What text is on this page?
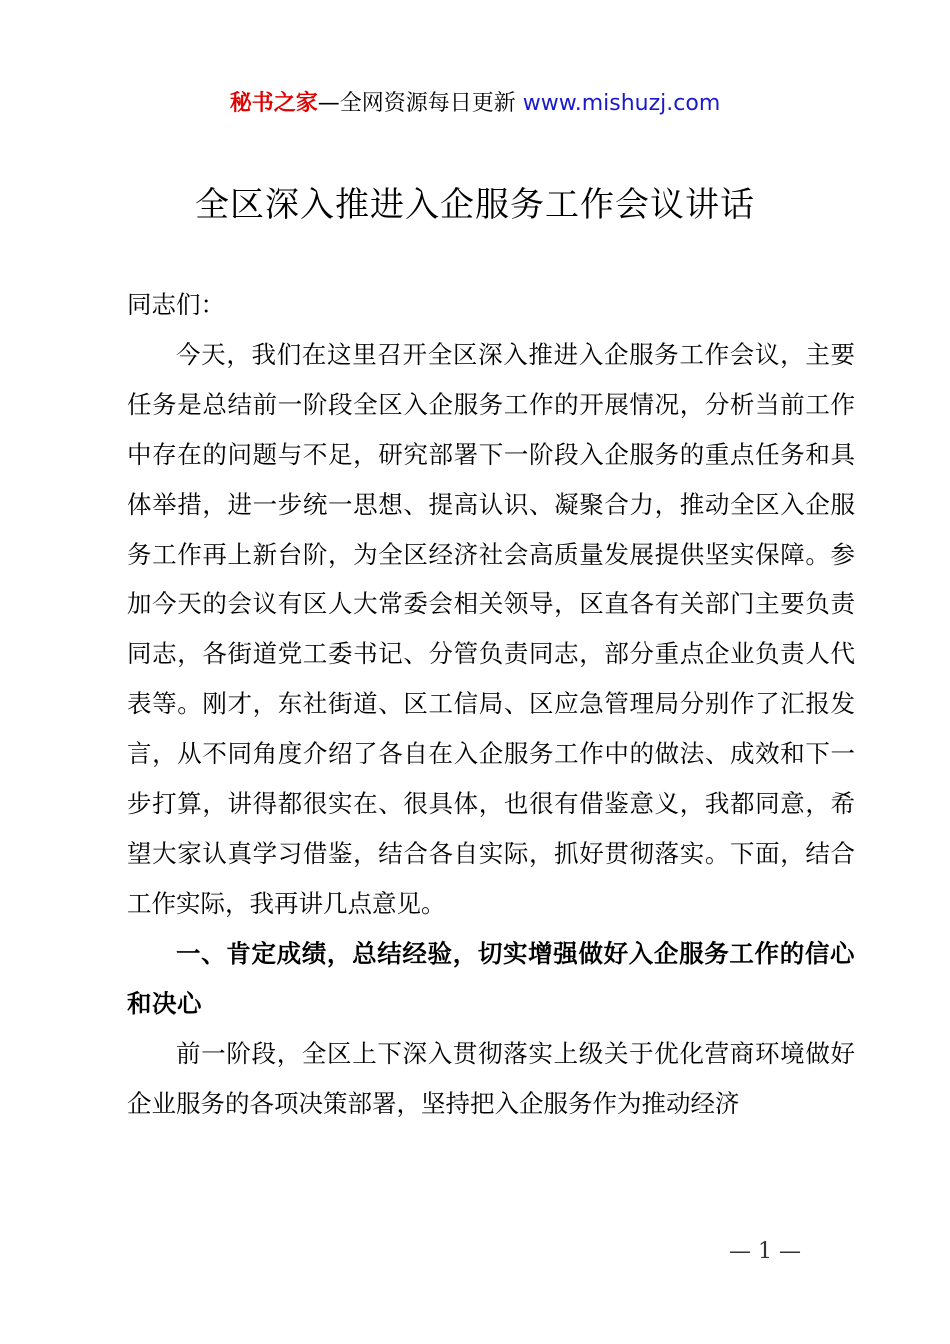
秘书之家—全网资源每日更新 www.mishuzj.com
全区深入推进入企服务工作会议讲话

同志们：

今天，我们在这里召开全区深入推进入企服务工作会议，主要任务是总结前一阶段全区入企服务工作的开展情况，分析当前工作中存在的问题与不足，研究部署下一阶段入企服务的重点任务和具体举措，进一步统一思想、提高认识、凝聚合力，推动全区入企服务工作再上新台阶，为全区经济社会高质量发展提供坚实保障。参加今天的会议有区人大常委会相关领导，区直各有关部门主要负责同志，各街道党工委书记、分管负责同志，部分重点企业负责人代表等。刚才，东社街道、区工信局、区应急管理局分别作了汇报发言，从不同角度介绍了各自在入企服务工作中的做法、成效和下一步打算，讲得都很实在、很具体，也很有借鉴意义，我都同意，希望大家认真学习借鉴，结合各自实际，抓好贯彻落实。下面，结合工作实际，我再讲几点意见。

一、肯定成绩，总结经验，切实增强做好入企服务工作的信心和决心

前一阶段，全区上下深入贯彻落实上级关于优化营商环境做好企业服务的各项决策部署，坚持把入企服务作为推动经济

— 1 —
